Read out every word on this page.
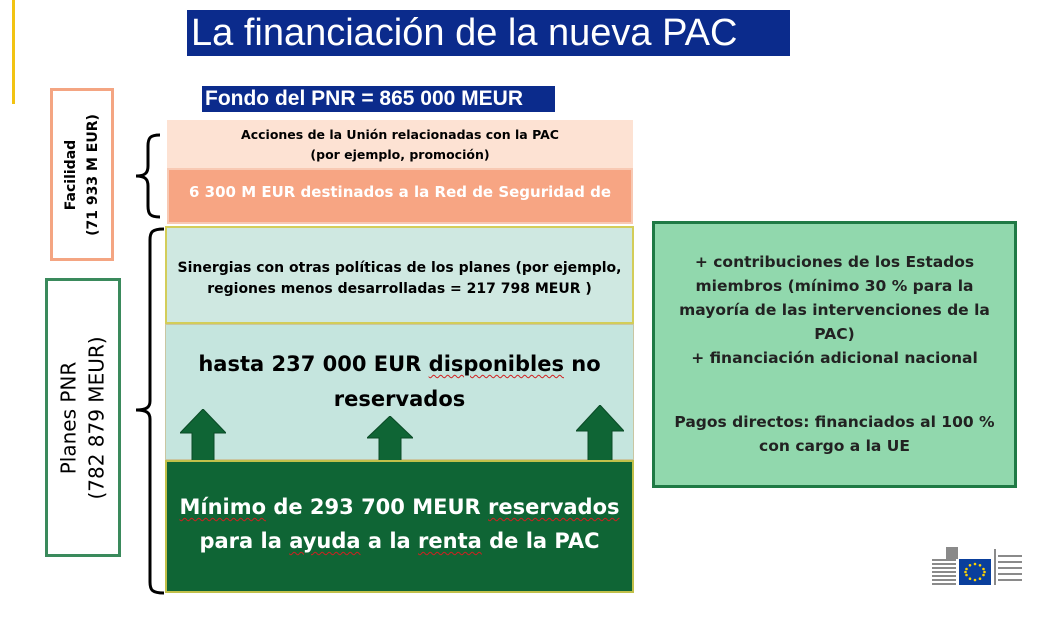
La financiación de la nueva PAC
Fondo del PNR = 865 000 MEUR
Facilidad (71 933 M EUR)
Planes PNR (782 879 MEUR)
Acciones de la Unión relacionadas con la PAC
(por ejemplo, promoción)
6 300 M EUR destinados a la Red de Seguridad de
Sinergias con otras políticas de los planes (por ejemplo,
regiones menos desarrolladas = 217 798 MEUR )
hasta 237 000 EUR disponibles no
reservados
Mínimo de 293 700 MEUR reservados
para la ayuda a la renta de la PAC
+ contribuciones de los Estados
miembros (mínimo 30 % para la
mayoría de las intervenciones de la
PAC)
+ financiación adicional nacional
Pagos directos: financiados al 100 %
con cargo a la UE
